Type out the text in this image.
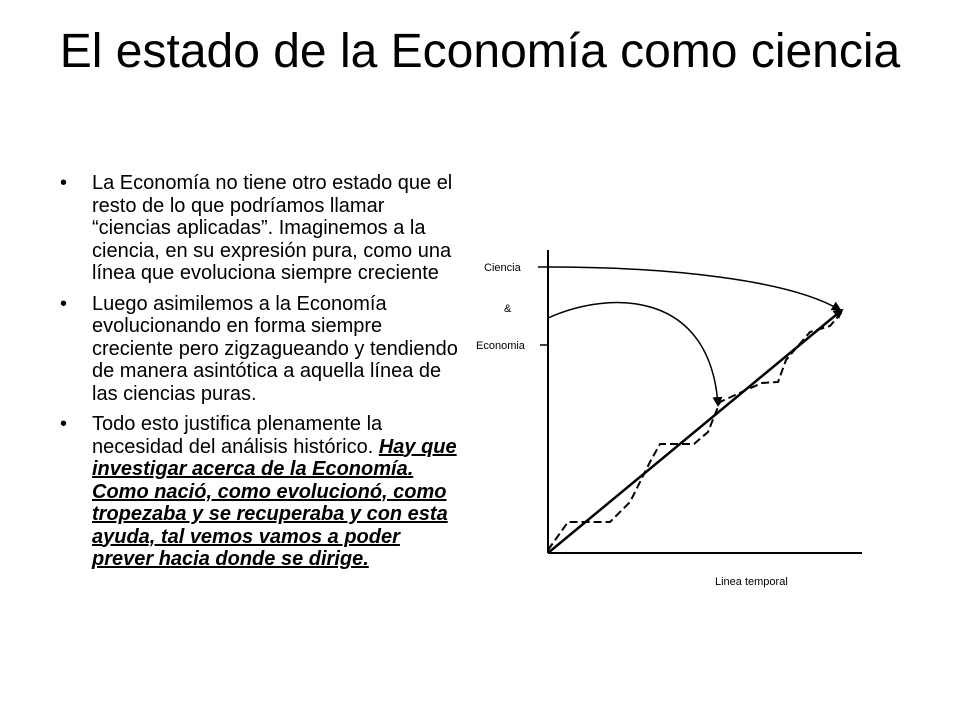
El estado de la Economía como ciencia
• La Economía no tiene otro estado que el resto de lo que podríamos llamar “ciencias aplicadas”. Imaginemos a la ciencia, en su expresión pura, como una línea que evoluciona siempre creciente
• Luego asimilemos a la Economía evolucionando en forma siempre creciente pero zigzagueando y tendiendo de manera asintótica a aquella línea de las ciencias puras.
• Todo esto justifica plenamente la necesidad del análisis histórico. Hay que investigar acerca de la Economía. Como nació, como evolucionó, como tropezaba y se recuperaba y con esta ayuda, tal vemos vamos a poder prever hacia donde se dirige.
Ciencia
&
Economia
Linea temporal
